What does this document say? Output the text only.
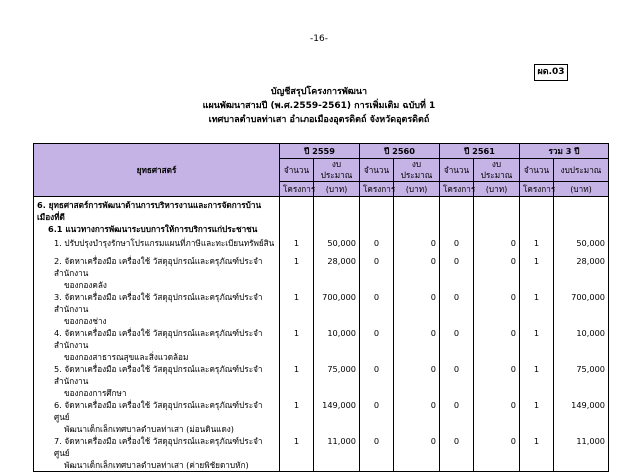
-16-
ผด.03
บัญชีสรุปโครงการพัฒนา
แผนพัฒนาสามปี (พ.ศ.2559-2561) การเพิ่มเติม ฉบับที่ 1
เทศบาลตำบลท่าเสา อำเภอเมืองอุตรดิตถ์ จังหวัดอุตรดิตถ์
ยุทธศาสตร์	ปี 2559		ปี 2560		ปี 2561		รวม 3 ปี	
	จำนวน	งบประมาณ	จำนวน	งบประมาณ	จำนวน	งบประมาณ	จำนวน	งบประมาณ
	โครงการ	(บาท)	โครงการ	(บาท)	โครงการ	(บาท)	โครงการ	(บาท)
6. ยุทธศาสตร์การพัฒนาด้านการบริหารงานและการจัดการบ้านเมืองที่ดี								
6.1 แนวทางการพัฒนาระบบการให้การบริการแก่ประชาชน								
1. ปรับปรุงบำรุงรักษาโปรแกรมแผนที่ภาษีและทะเบียนทรัพย์สิน	1	50,000	0	0	0	0	1	50,000
2. จัดหาเครื่องมือ เครื่องใช้ วัสดุอุปกรณ์และครุภัณฑ์ประจำสำนักงาน
ของกองคลัง	1	28,000	0	0	0	0	1	28,000
3. จัดหาเครื่องมือ เครื่องใช้ วัสดุอุปกรณ์และครุภัณฑ์ประจำสำนักงาน
ของกองช่าง	1	700,000	0	0	0	0	1	700,000
4. จัดหาเครื่องมือ เครื่องใช้ วัสดุอุปกรณ์และครุภัณฑ์ประจำสำนักงาน
ของกองสาธารณสุขและสิ่งแวดล้อม	1	10,000	0	0	0	0	1	10,000
5. จัดหาเครื่องมือ เครื่องใช้ วัสดุอุปกรณ์และครุภัณฑ์ประจำสำนักงาน
ของกองการศึกษา	1	75,000	0	0	0	0	1	75,000
6. จัดหาเครื่องมือ เครื่องใช้ วัสดุอุปกรณ์และครุภัณฑ์ประจำศูนย์
พัฒนาเด็กเล็กเทศบาลตำบลท่าเสา (ม่อนดินแดง)	1	149,000	0	0	0	0	1	149,000
7. จัดหาเครื่องมือ เครื่องใช้ วัสดุอุปกรณ์และครุภัณฑ์ประจำศูนย์
พัฒนาเด็กเล็กเทศบาลตำบลท่าเสา (ค่ายพิชัยดาบหัก)	1	11,000	0	0	0	0	1	11,000
